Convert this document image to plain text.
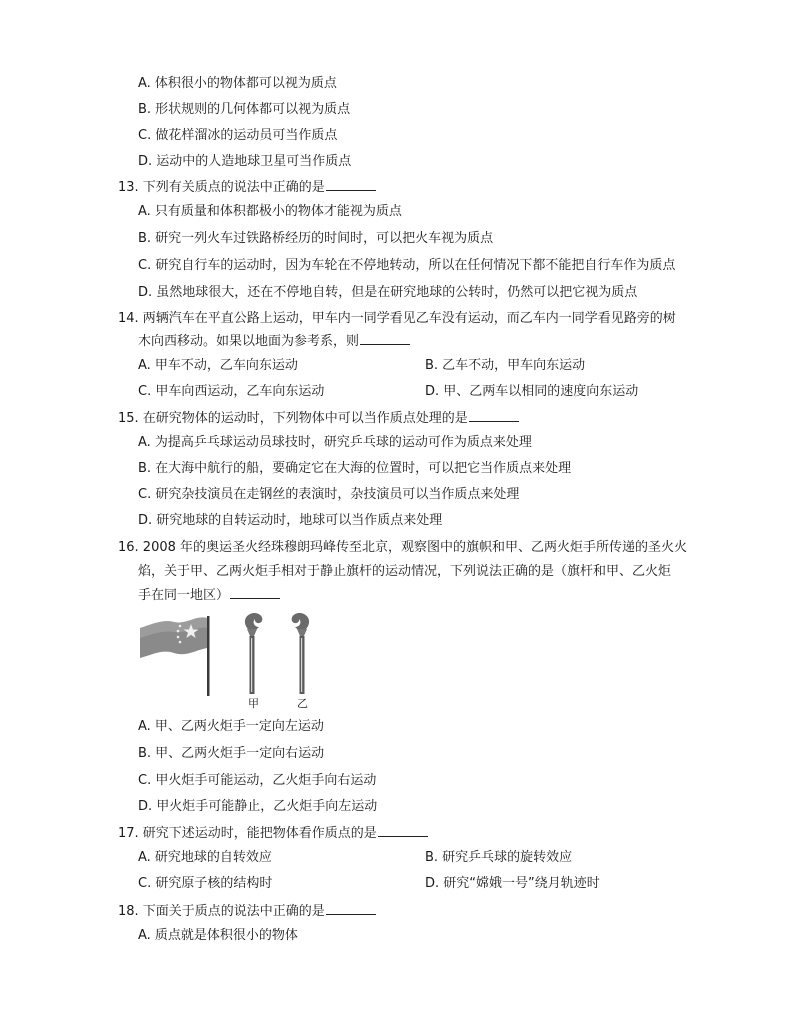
A. 体积很小的物体都可以视为质点
B. 形状规则的几何体都可以视为质点
C. 做花样溜冰的运动员可当作质点
D. 运动中的人造地球卫星可当作质点
13. 下列有关质点的说法中正确的是
A. 只有质量和体积都极小的物体才能视为质点
B. 研究一列火车过铁路桥经历的时间时，可以把火车视为质点
C. 研究自行车的运动时，因为车轮在不停地转动，所以在任何情况下都不能把自行车作为质点
D. 虽然地球很大，还在不停地自转，但是在研究地球的公转时，仍然可以把它视为质点
14. 两辆汽车在平直公路上运动，甲车内一同学看见乙车没有运动，而乙车内一同学看见路旁的树
木向西移动。如果以地面为参考系，则
A. 甲车不动，乙车向东运动	B. 乙车不动，甲车向东运动
C. 甲车向西运动，乙车向东运动	D. 甲、乙两车以相同的速度向东运动
15. 在研究物体的运动时，下列物体中可以当作质点处理的是
A. 为提高乒乓球运动员球技时，研究乒乓球的运动可作为质点来处理
B. 在大海中航行的船，要确定它在大海的位置时，可以把它当作质点来处理
C. 研究杂技演员在走钢丝的表演时，杂技演员可以当作质点来处理
D. 研究地球的自转运动时，地球可以当作质点来处理
16. 2008 年的奥运圣火经珠穆朗玛峰传至北京，观察图中的旗帜和甲、乙两火炬手所传递的圣火火
焰，关于甲、乙两火炬手相对于静止旗杆的运动情况，下列说法正确的是（旗杆和甲、乙火炬
手在同一地区）
甲	乙
A. 甲、乙两火炬手一定向左运动
B. 甲、乙两火炬手一定向右运动
C. 甲火炬手可能运动，乙火炬手向右运动
D. 甲火炬手可能静止，乙火炬手向左运动
17. 研究下述运动时，能把物体看作质点的是
A. 研究地球的自转效应	B. 研究乒乓球的旋转效应
C. 研究原子核的结构时	D. 研究“嫦娥一号”绕月轨迹时
18. 下面关于质点的说法中正确的是
A. 质点就是体积很小的物体
